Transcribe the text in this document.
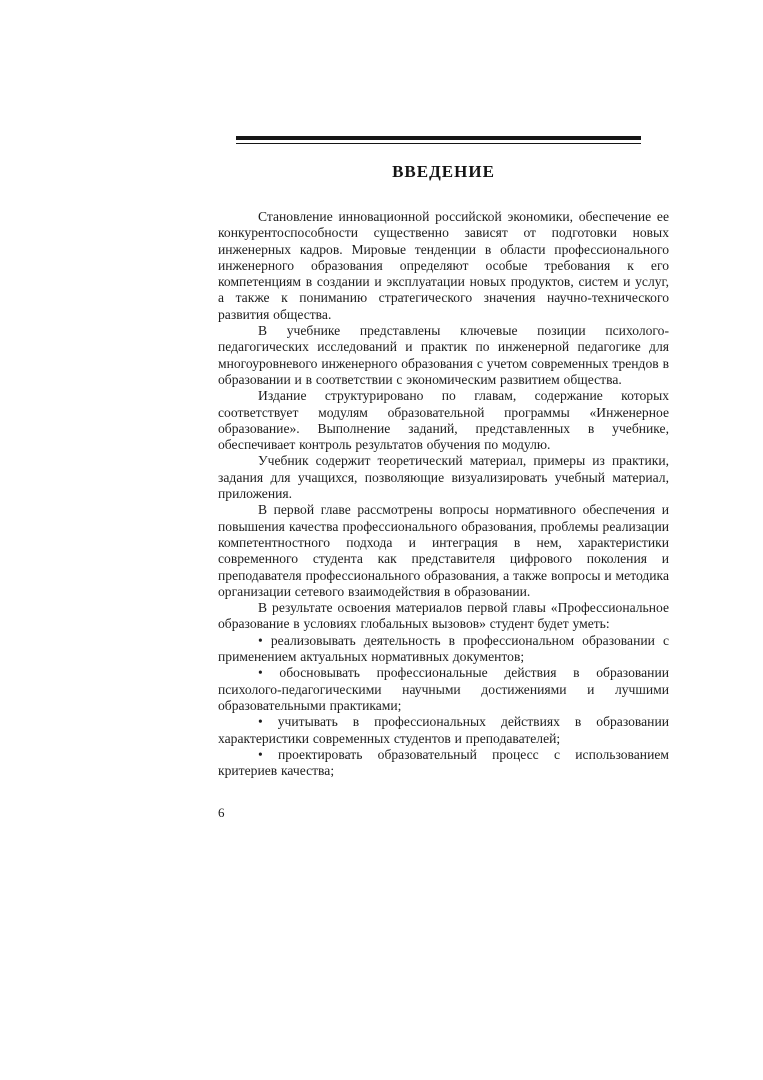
ВВЕДЕНИЕ

Становление инновационной российской экономики, обеспечение ее конкурентоспособности существенно зависят от подготовки новых инженерных кадров. Мировые тенденции в области профессионального инженерного образования определяют особые требования к его компетенциям в создании и эксплуатации новых продуктов, систем и услуг, а также к пониманию стратегического значения научно-технического развития общества.

В учебнике представлены ключевые позиции психолого-педагогических исследований и практик по инженерной педагогике для многоуровневого инженерного образования с учетом современных трендов в образовании и в соответствии с экономическим развитием общества.

Издание структурировано по главам, содержание которых соответствует модулям образовательной программы «Инженерное образование». Выполнение заданий, представленных в учебнике, обеспечивает контроль результатов обучения по модулю.

Учебник содержит теоретический материал, примеры из практики, задания для учащихся, позволяющие визуализировать учебный материал, приложения.

В первой главе рассмотрены вопросы нормативного обеспечения и повышения качества профессионального образования, проблемы реализации компетентностного подхода и интеграция в нем, характеристики современного студента как представителя цифрового поколения и преподавателя профессионального образования, а также вопросы и методика организации сетевого взаимодействия в образовании.

В результате освоения материалов первой главы «Профессиональное образование в условиях глобальных вызовов» студент будет уметь:

• реализовывать деятельность в профессиональном образовании с применением актуальных нормативных документов;

• обосновывать профессиональные действия в образовании психолого-педагогическими научными достижениями и лучшими образовательными практиками;

• учитывать в профессиональных действиях в образовании характеристики современных студентов и преподавателей;

• проектировать образовательный процесс с использованием критериев качества;

6
